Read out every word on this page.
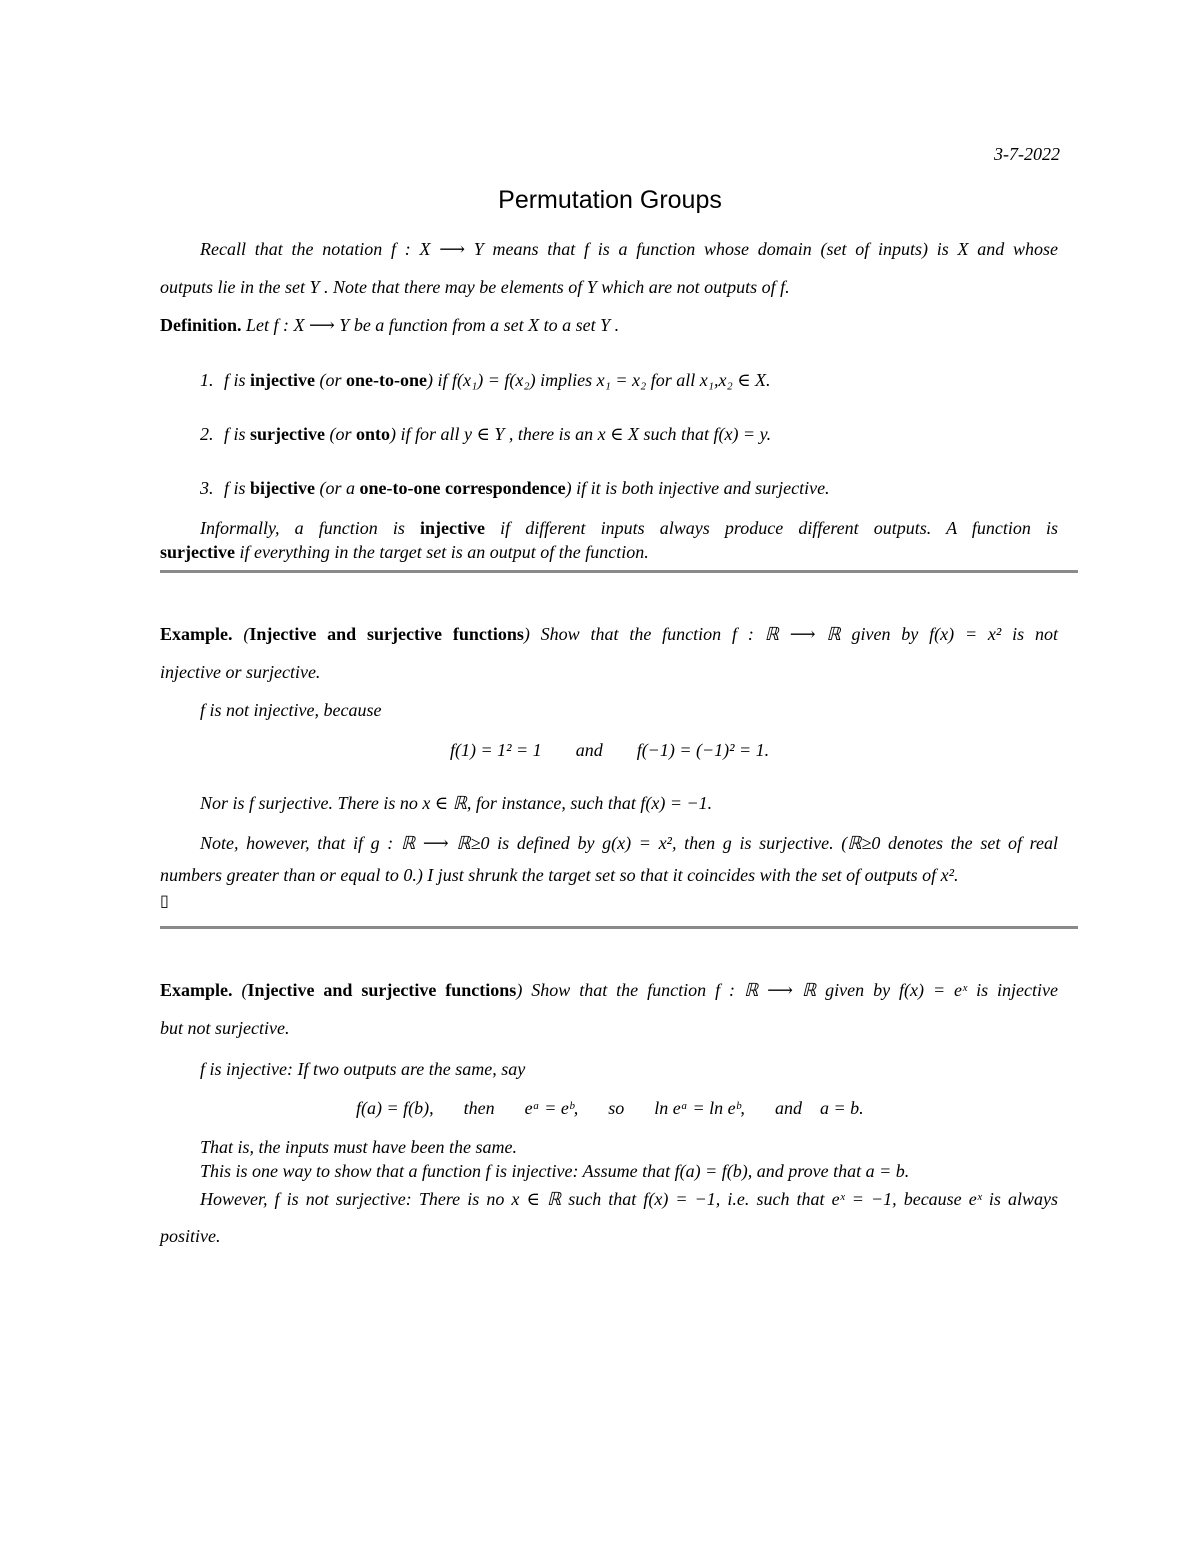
3-7-2022
Permutation Groups
Recall that the notation f : X ⟶ Y means that f is a function whose domain (set of inputs) is X and whose
outputs lie in the set Y . Note that there may be elements of Y which are not outputs of f.
Definition. Let f : X ⟶ Y be a function from a set X to a set Y .
1. f is injective (or one-to-one) if f(x₁) = f(x₂) implies x₁ = x₂ for all x₁,x₂ ∈ X.
2. f is surjective (or onto) if for all y ∈ Y , there is an x ∈ X such that f(x) = y.
3. f is bijective (or a one-to-one correspondence) if it is both injective and surjective.
Informally, a function is injective if different inputs always produce different outputs. A function is
surjective if everything in the target set is an output of the function.
Example. (Injective and surjective functions) Show that the function f : ℝ ⟶ ℝ given by f(x) = x² is not
injective or surjective.
f is not injective, because
f(1) = 1² = 1 and f(−1) = (−1)² = 1.
Nor is f surjective. There is no x ∈ ℝ, for instance, such that f(x) = −1.
Note, however, that if g : ℝ ⟶ ℝ≥0 is defined by g(x) = x², then g is surjective. (ℝ≥0 denotes the set of real
numbers greater than or equal to 0.) I just shrunk the target set so that it coincides with the set of outputs of x².
▯
Example. (Injective and surjective functions) Show that the function f : ℝ ⟶ ℝ given by f(x) = eˣ is injective
but not surjective.
f is injective: If two outputs are the same, say
f(a) = f(b), then eᵃ = eᵇ, so ln eᵃ = ln eᵇ, and a = b.
That is, the inputs must have been the same.
This is one way to show that a function f is injective: Assume that f(a) = f(b), and prove that a = b.
However, f is not surjective: There is no x ∈ ℝ such that f(x) = −1, i.e. such that eˣ = −1, because eˣ is always
positive.
